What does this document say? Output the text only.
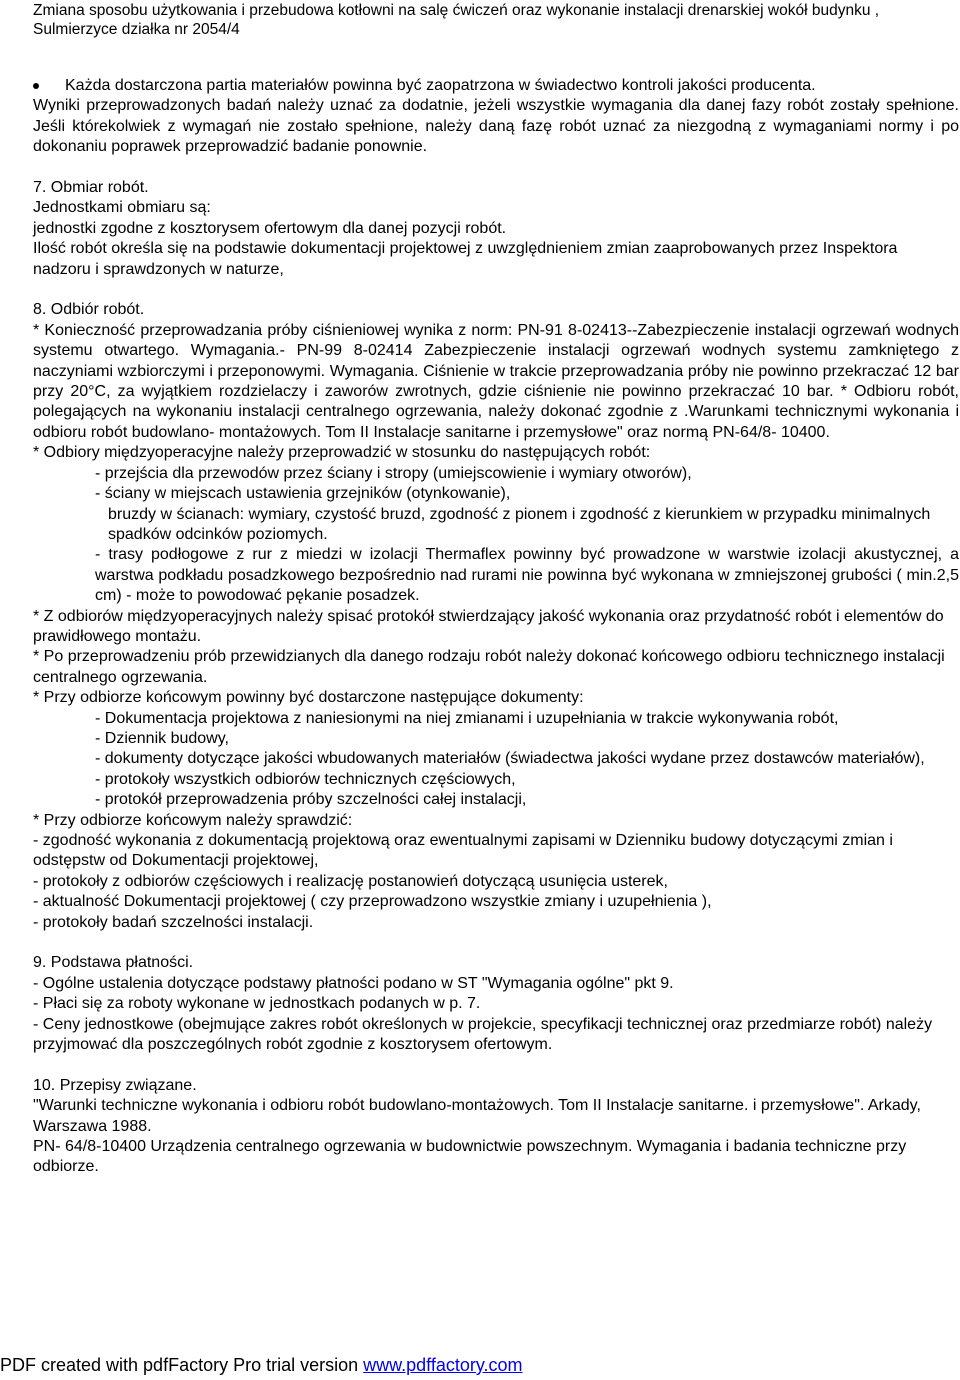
Zmiana sposobu użytkowania i przebudowa kotłowni na salę ćwiczeń oraz wykonanie instalacji drenarskiej wokół budynku , Sulmierzyce działka nr 2054/4

Każda dostarczona partia materiałów powinna być zaopatrzona w świadectwo kontroli jakości producenta.

Wyniki przeprowadzonych badań należy uznać za dodatnie, jeżeli wszystkie wymagania dla danej fazy robót zostały spełnione. Jeśli którekolwiek z wymagań nie zostało spełnione, należy daną fazę robót uznać za niezgodną z wymaganiami normy i po dokonaniu poprawek przeprowadzić badanie ponownie.

7. Obmiar robót.

Jednostkami obmiaru są:

jednostki zgodne z kosztorysem ofertowym dla danej pozycji robót.

Ilość robót określa się na podstawie dokumentacji projektowej z uwzględnieniem zmian zaaprobowanych przez Inspektora nadzoru i sprawdzonych w naturze,

8. Odbiór robót.

* Konieczność przeprowadzania próby ciśnieniowej wynika z norm: PN-91 8-02413--Zabezpieczenie instalacji ogrzewań wodnych systemu otwartego. Wymagania.- PN-99 8-02414 Zabezpieczenie instalacji ogrzewań wodnych systemu zamkniętego z naczyniami wzbiorczymi i przeponowymi. Wymagania. Ciśnienie w trakcie przeprowadzania próby nie powinno przekraczać 12 bar przy 20°C, za wyjątkiem rozdzielaczy i zaworów zwrotnych, gdzie ciśnienie nie powinno przekraczać 10 bar. * Odbioru robót, polegających na wykonaniu instalacji centralnego ogrzewania, należy dokonać zgodnie z .Warunkami technicznymi wykonania i odbioru robót budowlano- montażowych. Tom II Instalacje sanitarne i przemysłowe" oraz normą PN-64/8- 10400.

* Odbiory międzyoperacyjne należy przeprowadzić w stosunku do następujących robót:

- przejścia dla przewodów przez ściany i stropy (umiejscowienie i wymiary otworów),

- ściany w miejscach ustawienia grzejników (otynkowanie),

bruzdy w ścianach: wymiary, czystość bruzd, zgodność z pionem i zgodność z kierunkiem w przypadku minimalnych spadków odcinków poziomych.

- trasy podłogowe z rur z miedzi w izolacji Thermaflex powinny być prowadzone w warstwie izolacji akustycznej, a warstwa podkładu posadzkowego bezpośrednio nad rurami nie powinna być wykonana w zmniejszonej grubości ( min.2,5 cm) - może to powodować pękanie posadzek.

* Z odbiorów międzyoperacyjnych należy spisać protokół stwierdzający jakość wykonania oraz przydatność robót i elementów do prawidłowego montażu.

* Po przeprowadzeniu prób przewidzianych dla danego rodzaju robót należy dokonać końcowego odbioru technicznego instalacji centralnego ogrzewania.

* Przy odbiorze końcowym powinny być dostarczone następujące dokumenty:

- Dokumentacja projektowa z naniesionymi na niej zmianami i uzupełniania w trakcie wykonywania robót,

- Dziennik budowy,

- dokumenty dotyczące jakości wbudowanych materiałów (świadectwa jakości wydane przez dostawców materiałów),

- protokoły wszystkich odbiorów technicznych częściowych,

- protokół przeprowadzenia próby szczelności całej instalacji,

* Przy odbiorze końcowym należy sprawdzić:

- zgodność wykonania z dokumentacją projektową oraz ewentualnymi zapisami w Dzienniku budowy dotyczącymi zmian i odstępstw od Dokumentacji projektowej,

- protokoły z odbiorów częściowych i realizację postanowień dotyczącą usunięcia usterek,

- aktualność Dokumentacji projektowej ( czy przeprowadzono wszystkie zmiany i uzupełnienia ),

- protokoły badań szczelności instalacji.

9. Podstawa płatności.

- Ogólne ustalenia dotyczące podstawy płatności podano w ST "Wymagania ogólne" pkt 9.

- Płaci się za roboty wykonane w jednostkach podanych w p. 7.

- Ceny jednostkowe (obejmujące zakres robót określonych w projekcie, specyfikacji technicznej oraz przedmiarze robót) należy przyjmować dla poszczególnych robót zgodnie z kosztorysem ofertowym.

10. Przepisy związane.

"Warunki techniczne wykonania i odbioru robót budowlano-montażowych. Tom II Instalacje sanitarne. i przemysłowe". Arkady, Warszawa 1988.

PN- 64/8-10400 Urządzenia centralnego ogrzewania w budownictwie powszechnym. Wymagania i badania techniczne przy odbiorze.

PDF created with pdfFactory Pro trial version www.pdffactory.com
